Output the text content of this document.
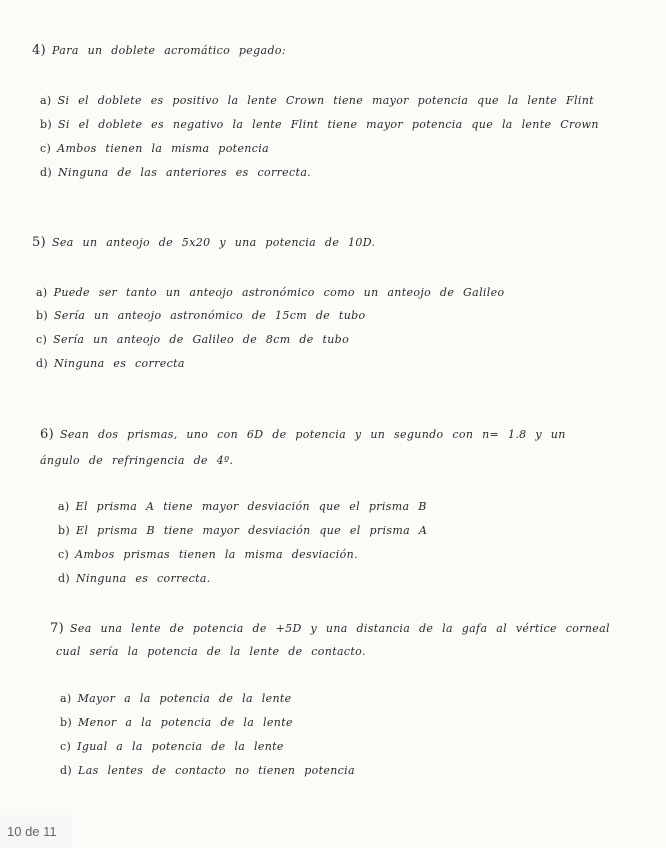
4) Para un doblete acromático pegado:
a) Si el doblete es positivo la lente Crown tiene mayor potencia que la lente Flint
b) Si el doblete es negativo la lente Flint tiene mayor potencia que la lente Crown
c) Ambos tienen la misma potencia
d) Ninguna de las anteriores es correcta.
5) Sea un anteojo de 5x20 y una potencia de 10D.
a) Puede ser tanto un anteojo astronómico como un anteojo de Galileo
b) Sería un anteojo astronómico de 15cm de tubo
c) Sería un anteojo de Galileo de 8cm de tubo
d) Ninguna es correcta
6) Sean dos prismas, uno con 6D de potencia y un segundo con n= 1.8 y un
ángulo de refringencia de 4º.
a) El prisma A tiene mayor desviación que el prisma B
b) El prisma B tiene mayor desviación que el prisma A
c) Ambos prismas tienen la misma desviación.
d) Ninguna es correcta.
7) Sea una lente de potencia de +5D y una distancia de la gafa al vértice corneal
cual sería la potencia de la lente de contacto.
a) Mayor a la potencia de la lente
b) Menor a la potencia de la lente
c) Igual a la potencia de la lente
d) Las lentes de contacto no tienen potencia
10 de 11
